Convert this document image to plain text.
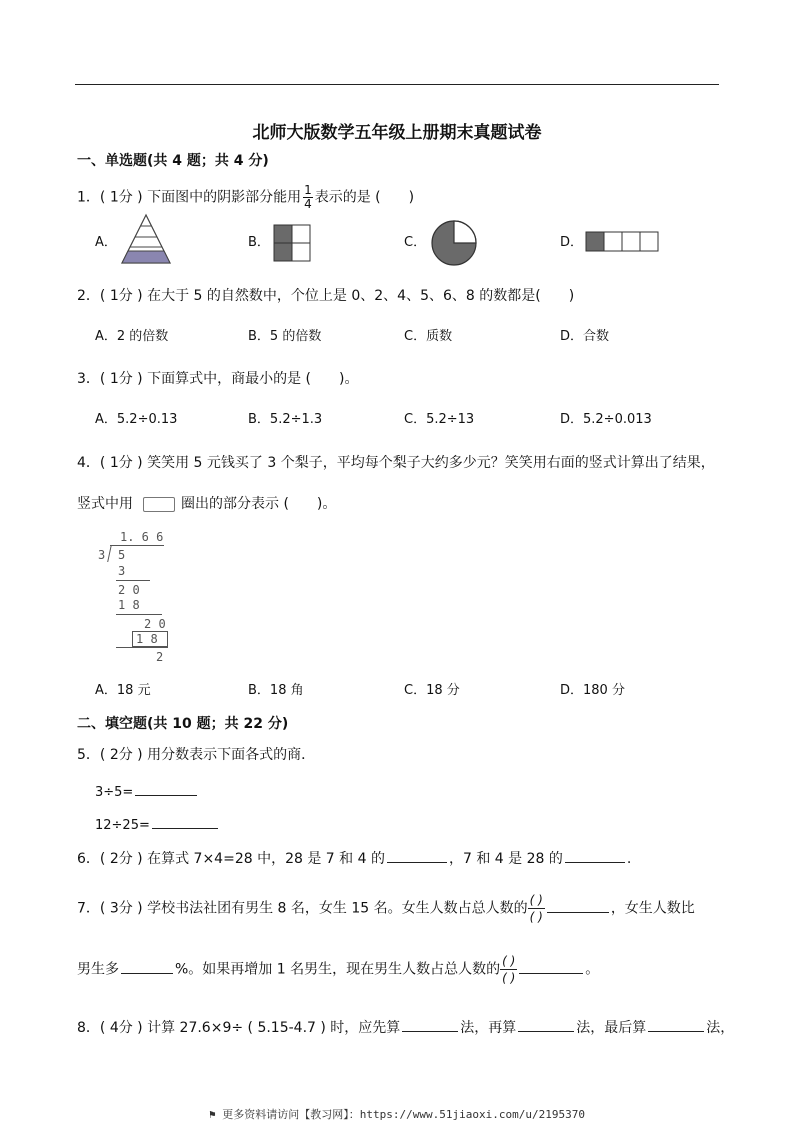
北师大版数学五年级上册期末真题试卷
一、单选题(共 4 题；共 4 分)
1．( 1分 ) 下面图中的阴影部分能用 $\frac{1}{4}$ 表示的是 (　　)
A．	B．	C．	D．
2．( 1分 ) 在大于 5 的自然数中，个位上是 0、2、4、5、6、8 的数都是(　　)
A．2 的倍数	B．5 的倍数	C．质数	D．合数
3．( 1分 ) 下面算式中，商最小的是 (　　)。
A．5.2÷0.13	B．5.2÷1.3	C．5.2÷13	D．5.2÷0.013
4．( 1分 ) 笑笑用 5 元钱买了 3 个梨子，平均每个梨子大约多少元？笑笑用右面的竖式计算出了结果，
竖式中用	圈出的部分表示 (　　)。
1. 6 6
3 5
3
2 0
1 8
2 0
1 8
2
A．18 元	B．18 角	C．18 分	D．180 分
二、填空题(共 10 题；共 22 分)
5．( 2分 ) 用分数表示下面各式的商．
3÷5=
12÷25=
6．( 2分 ) 在算式 7×4=28 中，28 是 7 和 4 的	，7 和 4 是 28 的	.
7．( 3分 ) 学校书法社团有男生 8 名，女生 15 名。女生人数占总人数的 $\frac{( )}{( )}$	，女生人数比
男生多	%。如果再增加 1 名男生，现在男生人数占总人数的 $\frac{( )}{( )}$	。
8．( 4分 ) 计算 27.6×9÷ ( 5.15-4.7 ) 时，应先算	法，再算	法，最后算	法，
⚑ 更多资料请访问【教习网】：https://www.51jiaoxi.com/u/2195370
